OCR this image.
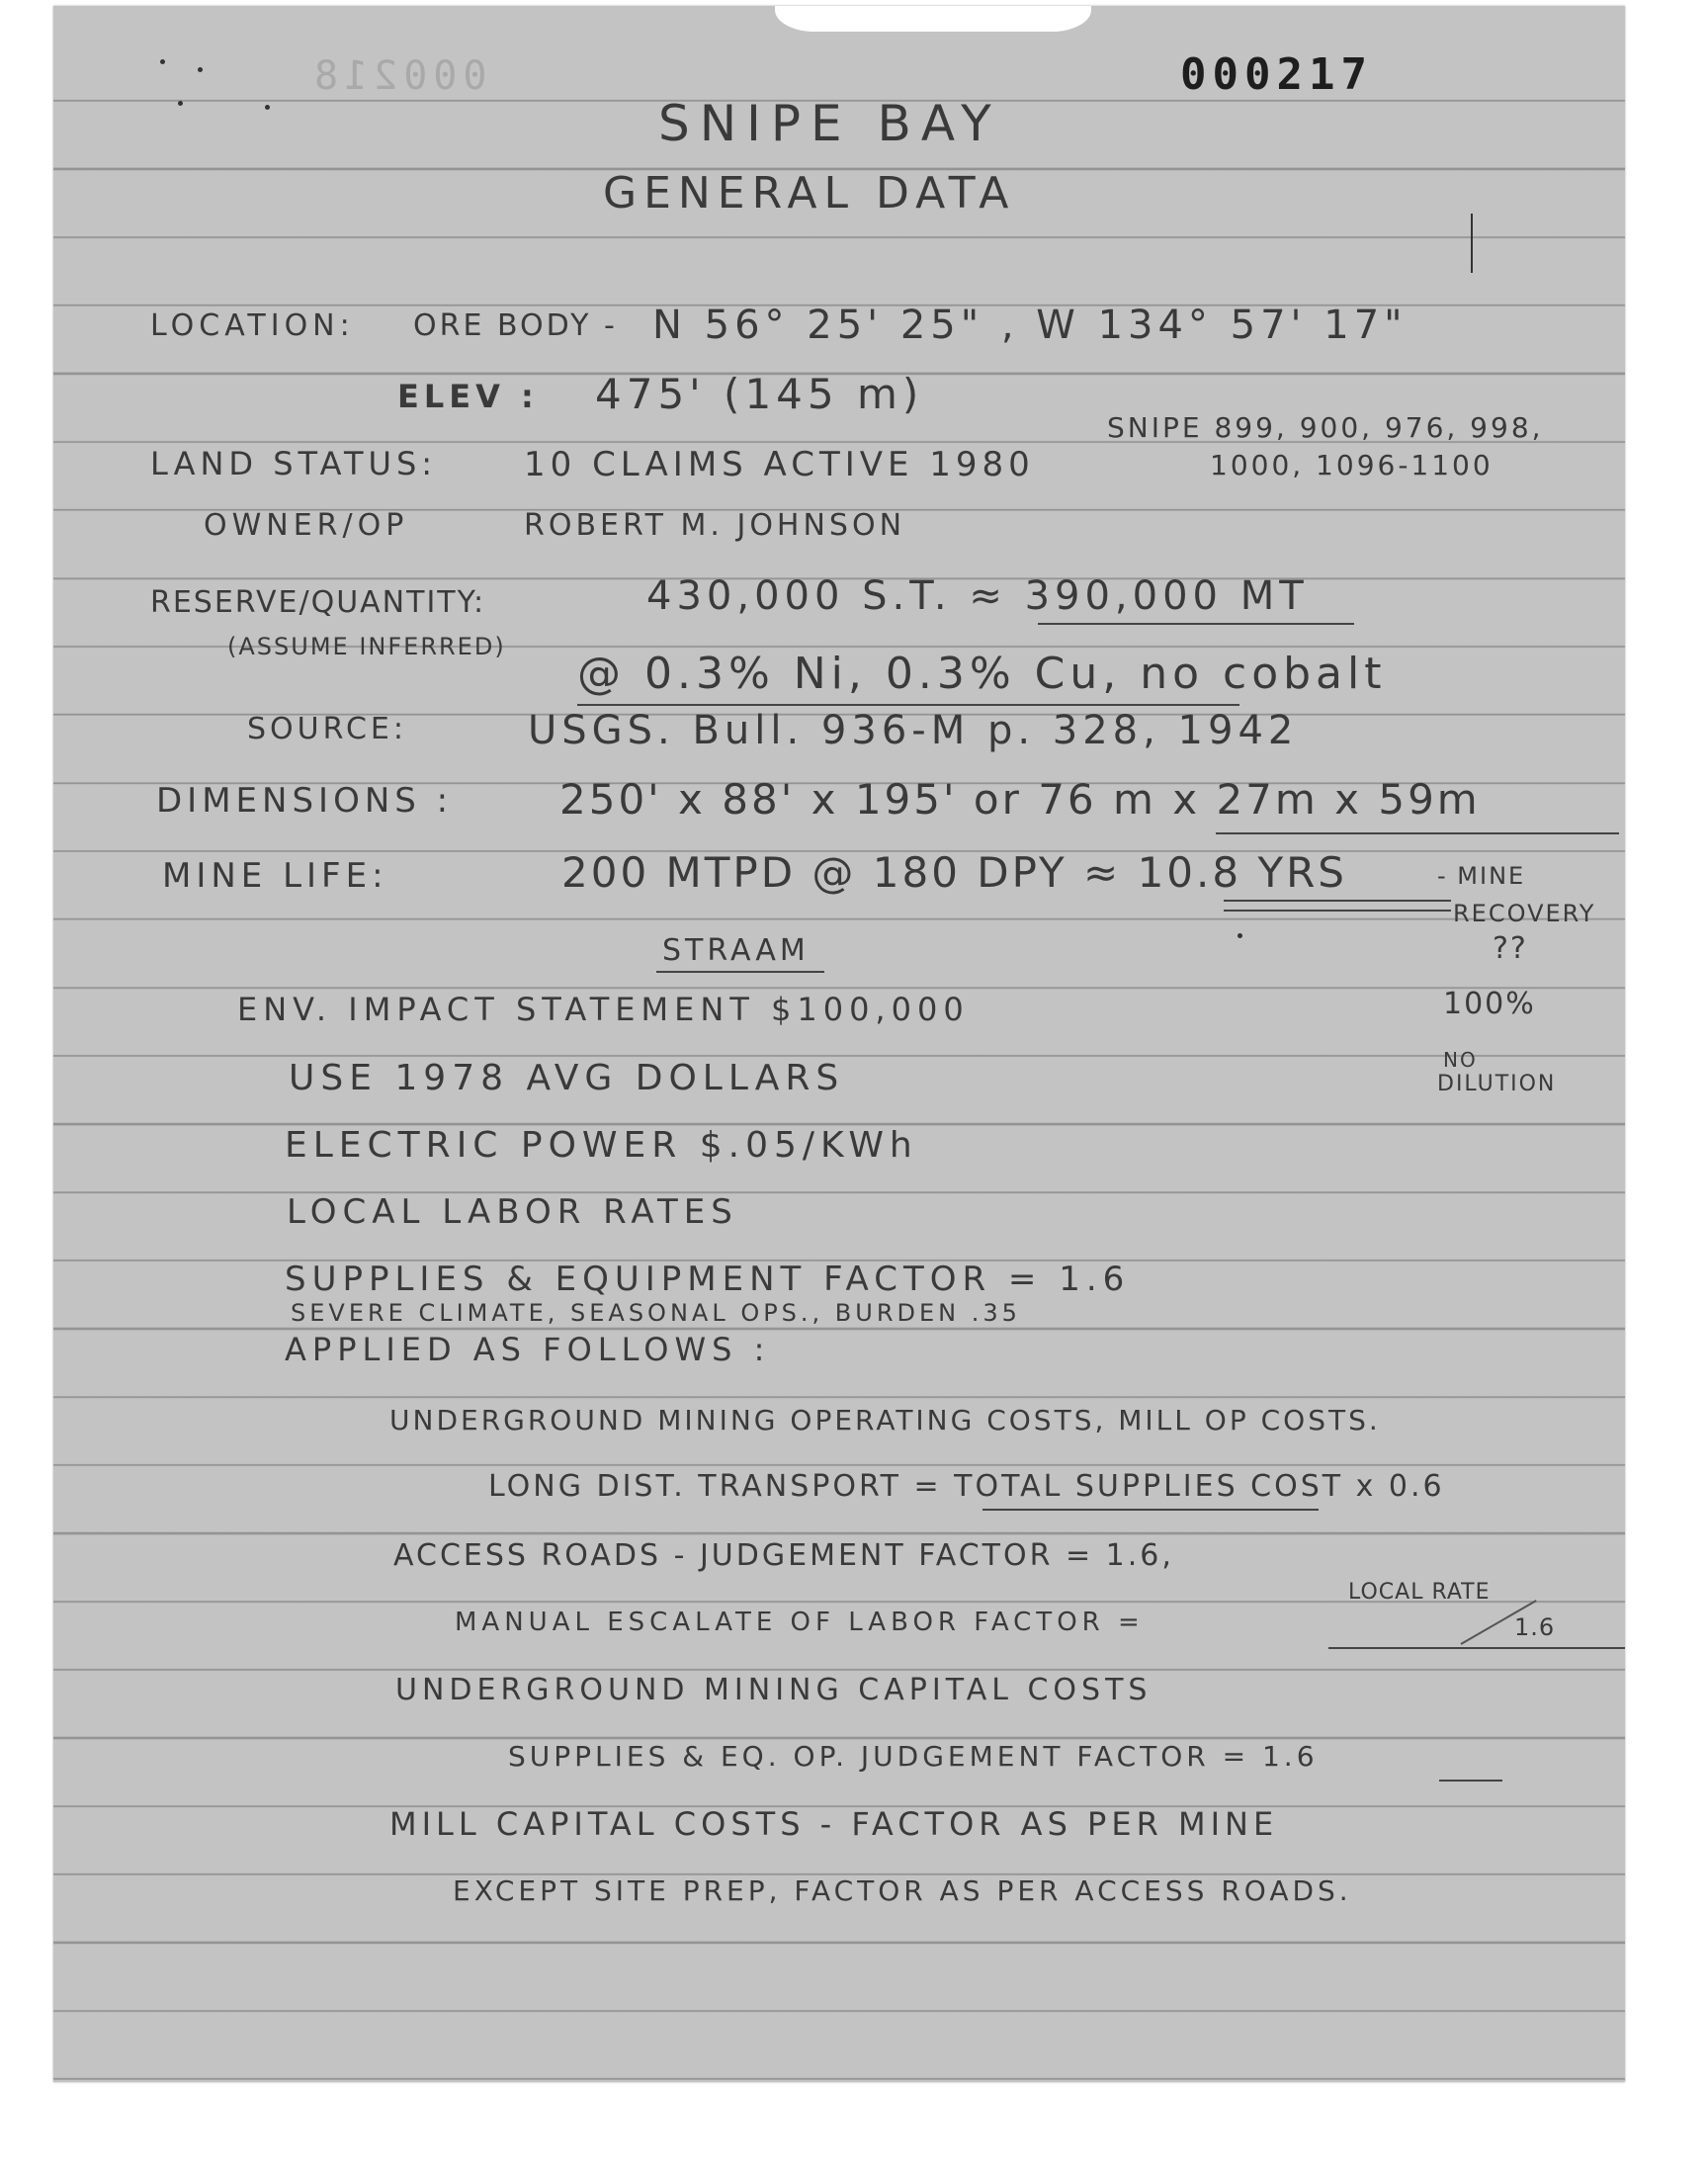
000218	000217
SNIPE BAY
GENERAL DATA
LOCATION: ORE BODY - N 56° 25' 25" , W 134° 57' 17"
ELEV : 475' (145 m)
LAND STATUS:	10 CLAIMS ACTIVE 1980
SNIPE 899, 900, 976, 998,
1000, 1096-1100
OWNER/OP	ROBERT M. JOHNSON
RESERVE/QUANTITY:	430,000 S.T. ≈ 390,000 MT
(ASSUME INFERRED)
@ 0.3% Ni, 0.3% Cu, no cobalt
SOURCE:	USGS. Bull. 936-M p. 328, 1942
DIMENSIONS :	250' x 88' x 195' or 76 m x 27m x 59m
MINE LIFE:	200 MTPD @ 180 DPY ≈ 10.8 YRS	- MINE
RECOVERY
??
100%
NO
DILUTION
STRAAM
ENV. IMPACT STATEMENT $100,000
USE 1978 AVG DOLLARS
ELECTRIC POWER $.05/KWh
LOCAL LABOR RATES
SUPPLIES & EQUIPMENT FACTOR = 1.6
SEVERE CLIMATE, SEASONAL OPS., BURDEN .35
APPLIED AS FOLLOWS :
UNDERGROUND MINING OPERATING COSTS, MILL OP COSTS.
LONG DIST. TRANSPORT = TOTAL SUPPLIES COST x 0.6
ACCESS ROADS - JUDGEMENT FACTOR = 1.6,
MANUAL ESCALATE OF LABOR FACTOR =
LOCAL RATE
1.6
UNDERGROUND MINING CAPITAL COSTS
SUPPLIES & EQ. OP. JUDGEMENT FACTOR = 1.6
MILL CAPITAL COSTS - FACTOR AS PER MINE
EXCEPT SITE PREP, FACTOR AS PER ACCESS ROADS.
